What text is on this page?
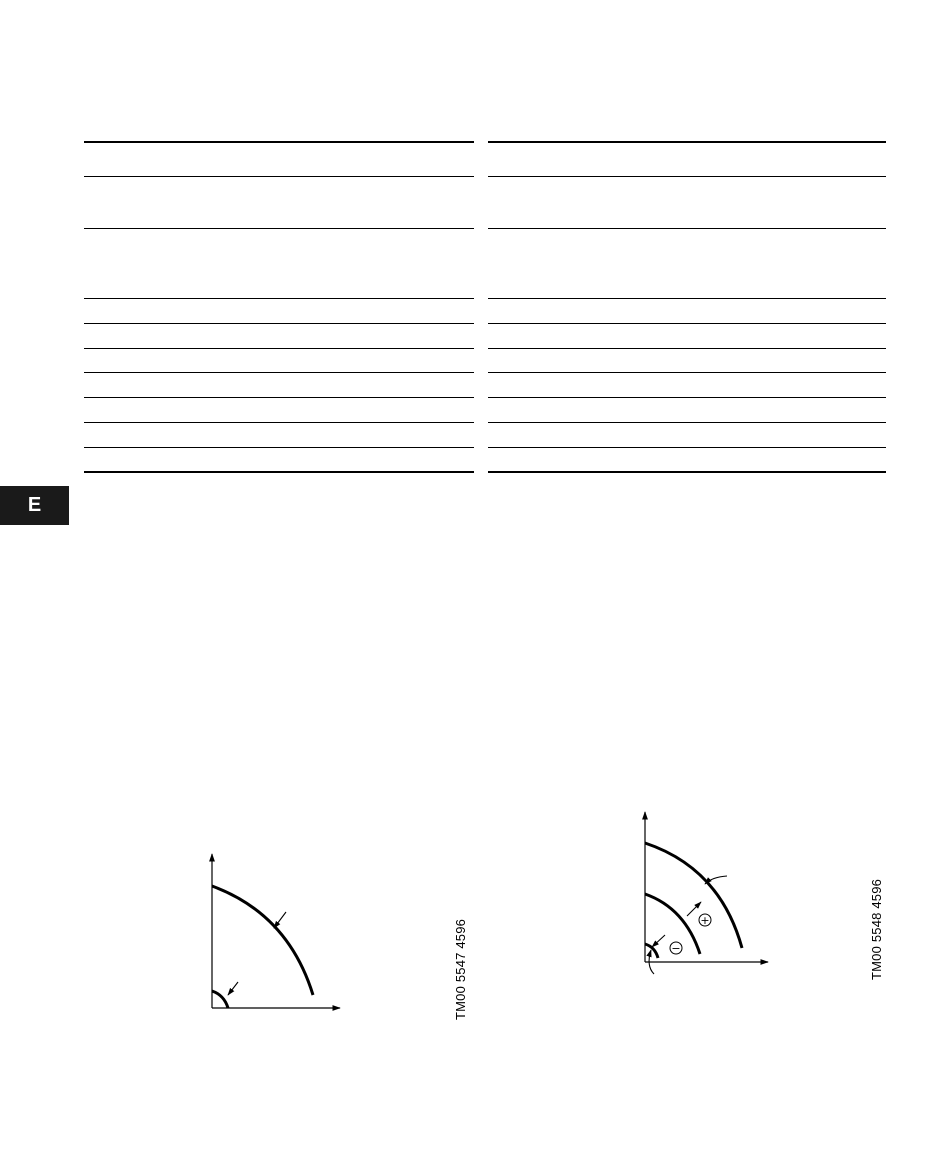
E
TM00 5547 4596	+
−	TM00 5548 4596
